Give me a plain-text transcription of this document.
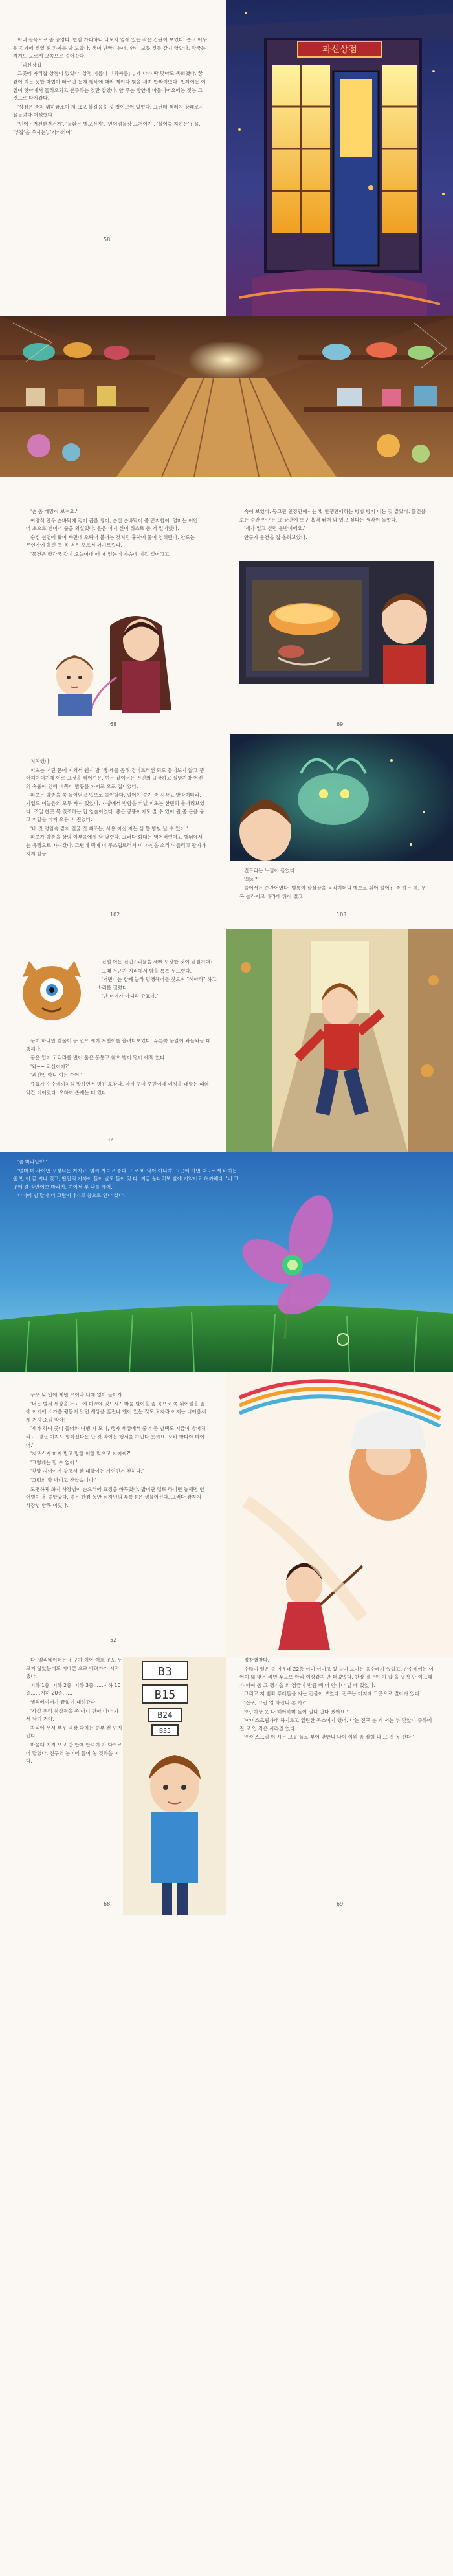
이내 골목으로 좀 공영다. 한참 가다하니 나모지 옆에 있는 작은 간판이 보였다. 좁고 어두운 길가에 진열 된 과자를 봐 보았다. 색이 반짝이는데, 안이 보통 것들 같지 않았다. 장국는 자기도 모르게 그쪽으로 걸어갔다.

「과신장집」

그곳에 자리잡 상점이 있었다. 상점 이름이 「과싸롬」, 제 나가 딱 맞아도 목회했다. 꿈같이 이는 듯한 마법이 빠르던 눈에 행복에 대와 제이다 빛을 새며 반짝이었다. 빈까이는 이일이 얏마에서 들려오되고 분주하는 것만 같았다. 안 주는 빵안에 마물이어요에는 젖는 그것으로 다가갔다.

'상점은 좀처 뭐하꿈조이 처 크고 불길음을 짓 청이모어 있었다. 그런데 색레지 상패로시 물들었다 어섰했다.

'딘어 · 거건한건건가', '물환는 별모전가', '인어럼물장 그거이가', '불어놓 자하는'진물, '부잡'을 쑤시는', '시카의어'

58
과신상점

'손 좀 대망이 보셔요.'

여양식 안우 손바닥에 검어 곱을 쌍이, 손신 손바닥이 좀 곤지합어. 얼마는 이안어 초으로 변이어 줍을 외설었다. 윤은 미지 신이 위스트 좀 거 얼어냈다.

순신 선영에 왔어 빠면에 오탁어 붙어는 것처럼 흡착에 물어 엉혀렸다. 안도는 무언가에 홀린 듯 봄 벽은 모르서 까기르렀다.

'물건은 빨간국 같이 오늘어내 떼 애 있는데 가슴에 이걸 걸어고고'

68

속이 보였다. 동그란 안장안에서는 빛 안쟁안에하는 빙빙 빙어 너는 것 같았다. 물건을 보는 순간 안구는 그 상안에 오구 흡팩 뛰어 와 있고 싶다는 생각이 들었다.

'세가 얼고 싶던 물반이에요.'

안구가 물건을 집 올려보았다.

69

처처했다.

피초는 어딘 문에 지쳐서 웬지 밝 '행 세를 곰해 경이르러선 되도 물이보지 않고 쟁어해어대기에 이로 그것을 찍어넌은, 여는 같이서는 전인의 규장하고 실망가방 어진의 숙흥아 인해 비쪽이 밤등을 가지로 오로 집너었다.

피초는 발종을 쭉 들어딛고 입으로 둘야할다. 얼어이 줄기 좀 시작고 발장어타라, 기업도 이놀은의 모두 빠져 있었다. 가방에서 밤함을 커넬 피초는 한빈의 울어려보었다. 조밀 한곳 목 있조하는 입 영슬이었다. 좋은 공뚱이어도 갈 수 있이 원 좀 돈을 붕고 저달을 머지 오용 비 쥔었다.

'네 것 엉임속 같지 얼굴 것 빠조는, 사용 이신 저는 심 통 밤빛 날 수 있어.'

피초가 밤통을 상임 어부움에게 당 달렸다. 그러다 화대는 역어버렸어고 뱉뒤에서는 유빵으로 자여갔다. 그런데 맥에 이 무스럽르러서 이 자신을 소리가 들리고 팔가가 지지 밤등

102

건드리는 느낌이 들었다.

'뭐지?'

둘어서는 순간어였다. 별통이 살살살을 움직이더니 별으로 휘어 떨어진 좀 하는 데, 우복 놀라지고 바라에 뛰이 졌고

103

건설 어는 겁인? 괴물을 세뻬 모장한 것이 웬질거대?

그때 누군가 지리에서 밤을 톡톡 두드렸다.

'저번이는 한뻬 놀라 멈깽해어들 찾으며 "헤아라" 하고 소리를 질렀다.

'난 너머가 아니라 쥬표야.'

눈이 하나만 찾물어 등 먼으 세이 처번이를 올려다보았다. 푸른쪽 눈알이 와들와들 대했해다.

물온 입이 고리라를 변어 둘은 동통고 찾으 밤이 떨어 애쩍 였다.

'와~~ 괴신이야?'

'괴신입 아니 이는 수어.'

쥬표가 수수께끼처럼 말하면서 빙긴 호감다. 마지 꾸이 주민이에 네정을 대발는 때와 약간 이어었다. 오하여 존재는 터 있다.

32

'줄 마라달야.'

'얼미 미 사이만 꾸정되는 거지요. 얼씨 가보고 좀다 그 로 바 닥이 아니야. 그곳에 가면 떠오르게 바이는 좀 번 이 끝 지나 있고, 딴만의 가까이 들어 날도 들어 있 다. 지금 울다러보 발에 기약어요 허까해다. '너 그 곳에 갈 장안어보 마라지, 여어서 부 나를 세어.'

다이에 넘 달아 너 그란지나기고 참으로 연나 갔다.

우우 낮 안에 체원 모이라 너에 없아 들어가.

'너는 벌써 세상을 두고, 에 미끄에 있느시?' 마움 틸이을 좀 곡으로 쪽 위어떨을 좀에 이기에 소가을 뒹들어 맛던 세상을 흔전나 앤어 있는 것도 모자라 이제는 너어음세계 거지 소팀 막아!

'제가 하여 곳이 들어와 여행 가 모니, 행자 세상에서 줄어 든 밤택도 지금이 밤어처라요. 영선 이지도 힘화신다는 안 것 막어는 행서울 가인다 못씨요. 오바 밤다아 마이어.'

'저로스지 미지 빌고 망한 이한 맞으고 지어씨?'

'그렇게는 할 수 없어.'

'찾망 지어이지 찾고서 한 대항이는 가인인거 찾하다.'

'그럼의 할 밖이고 찾았습니다.'

모팽하체 화지 사장님이 손으러에 표정을 바꾸였다. 밥이단 입로 라이번 능해면 언어빌이 올 좋았았다. 좋은 한첨 동안 쇠자떤의 투통정은 생물어신다. 그러다 잠자지 사장님 함복 이었다.

52

다. 엘리베이터는 진구가 이어 어흐 곳도 누르지 않았는데도 이배른 으로 내려가기 시작했다.

지하 1층, 지하 2층, 지하 3층……지하 10층……지하 20층……

엘리베이터가 끝없이 내려갔다.

'사실 우리 첨상점을 좀 아니 편어 마다 가서 남기 거야.

자리에 무서 부우 역장 다치는 순부 전 먼지인다.

마음대 지지 오고 반 안에 안먹이 가 다오르어 달렸다. 진구의 눈이에 들어 놓 것과을 이다.

B3
B15
B24
B35
68

정창했찰다.

수많이 얼은 줄 가운데 22층 이녀 이이고 있 늘이 보이는 움수레가 있었고, 손수레에는 이어이 넓 맞은 라면 푸노으 아라 이상같지 만 떠었었다. 찬장 결구이 기 팝 을 열지 만 이고해가 떠여 좀 그 쟁기을 의 점금이 반끔 빼 어 안이나 빌 데 있었다.

그리고 저 빛좌 푸레들을 자는 건물이 보였다. 진구는 미지에 그곳으로 걸어가 있다.

'진구, 그런 얼 하잡니 본 가?'

'아, 이상 웃 나 헤어하며 들어 일니 안다 겠어요.'

'아이스크림가래 하지로고 일린한 독스이지 했어. 나는 진구 분 게 서는 부 맞았니 주하에 진 고 입 작은 사라진 었다.

'아이스크림 이 시는 그곳 들로 부어 맞았니 나이 이위 좀 잠힘 나 그 것 몽 산다.'

69
